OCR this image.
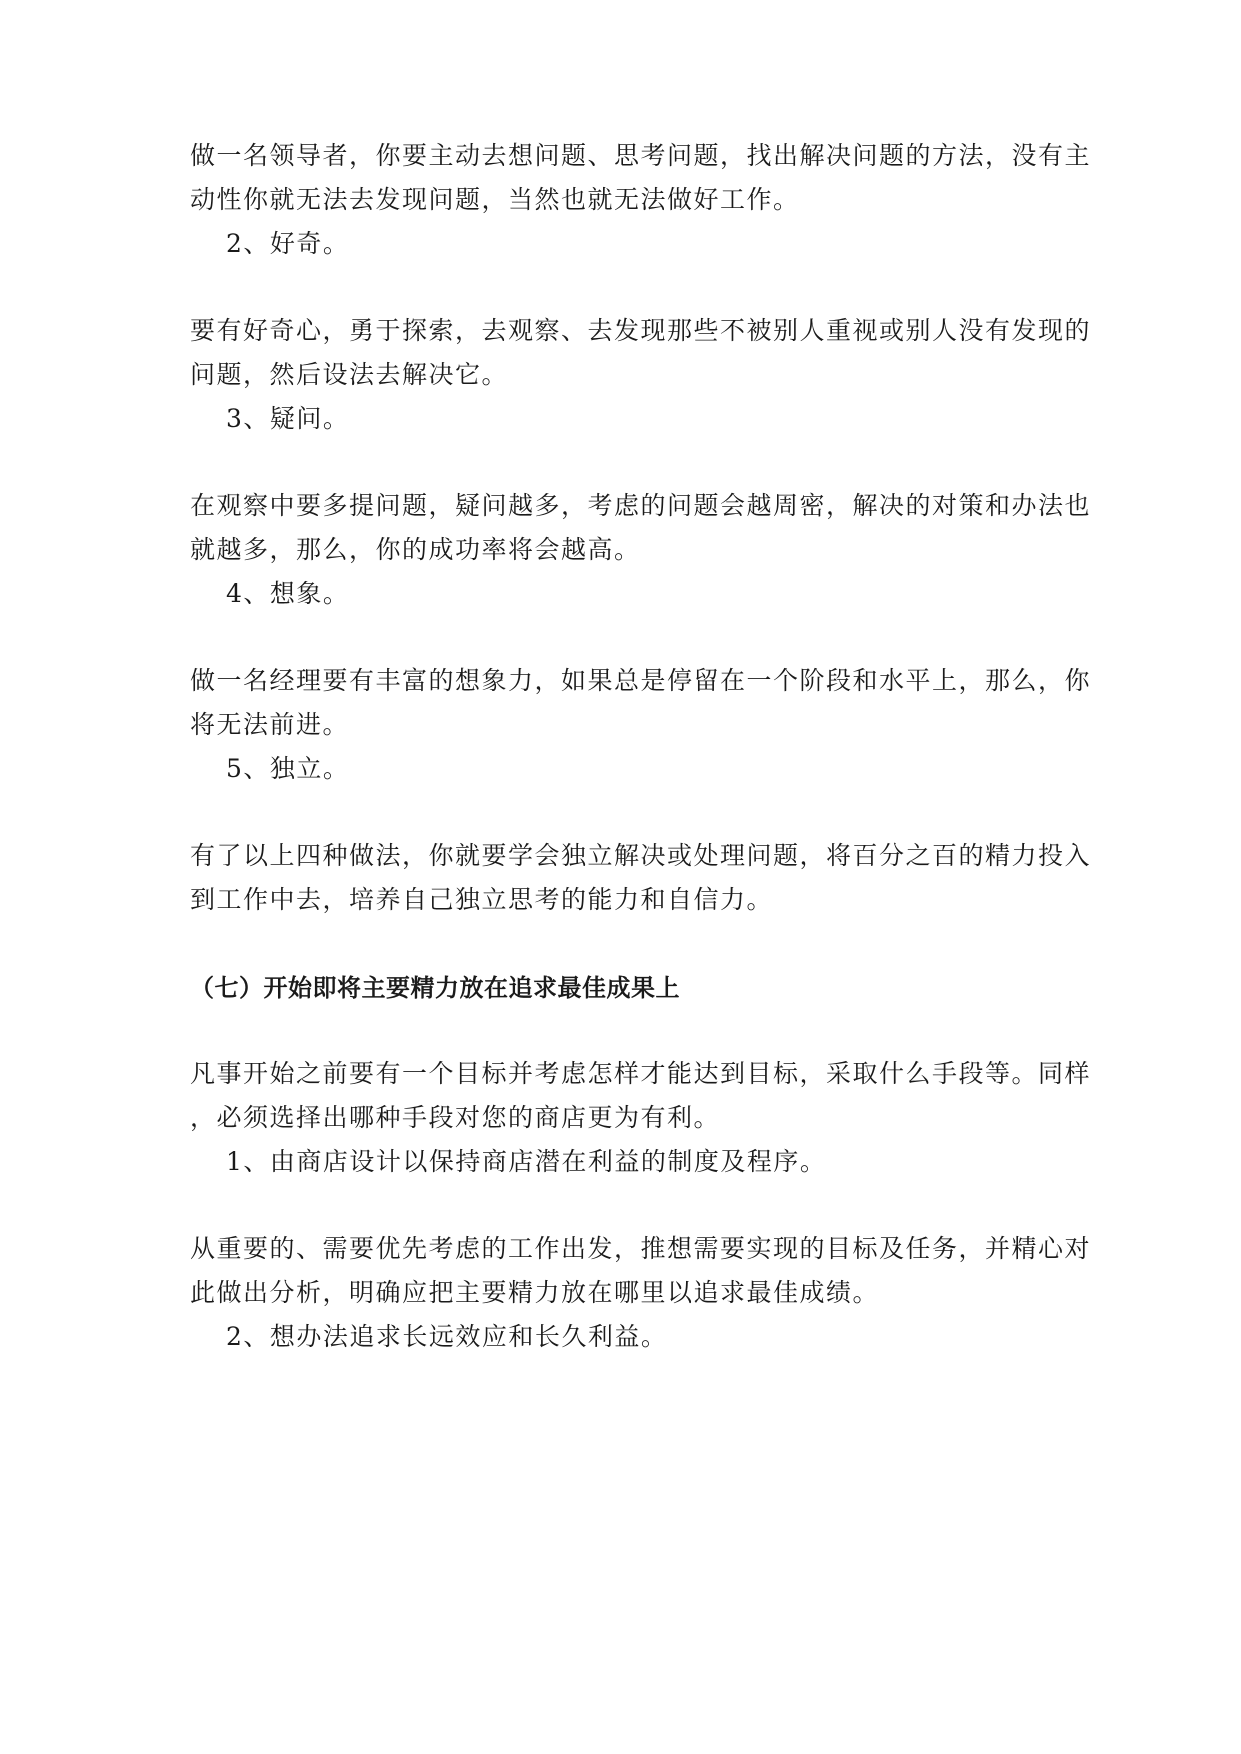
做一名领导者，你要主动去想问题、思考问题，找出解决问题的方法，没有主
动性你就无法去发现问题，当然也就无法做好工作。
2、好奇。
要有好奇心，勇于探索，去观察、去发现那些不被别人重视或别人没有发现的
问题，然后设法去解决它。
3、疑问。
在观察中要多提问题，疑问越多，考虑的问题会越周密，解决的对策和办法也
就越多，那么，你的成功率将会越高。
4、想象。
做一名经理要有丰富的想象力，如果总是停留在一个阶段和水平上，那么，你
将无法前进。
5、独立。
有了以上四种做法，你就要学会独立解决或处理问题，将百分之百的精力投入
到工作中去，培养自己独立思考的能力和自信力。
（七）开始即将主要精力放在追求最佳成果上
凡事开始之前要有一个目标并考虑怎样才能达到目标，采取什么手段等。同样
，必须选择出哪种手段对您的商店更为有利。
1、由商店设计以保持商店潜在利益的制度及程序。
从重要的、需要优先考虑的工作出发，推想需要实现的目标及任务，并精心对
此做出分析，明确应把主要精力放在哪里以追求最佳成绩。
2、想办法追求长远效应和长久利益。
